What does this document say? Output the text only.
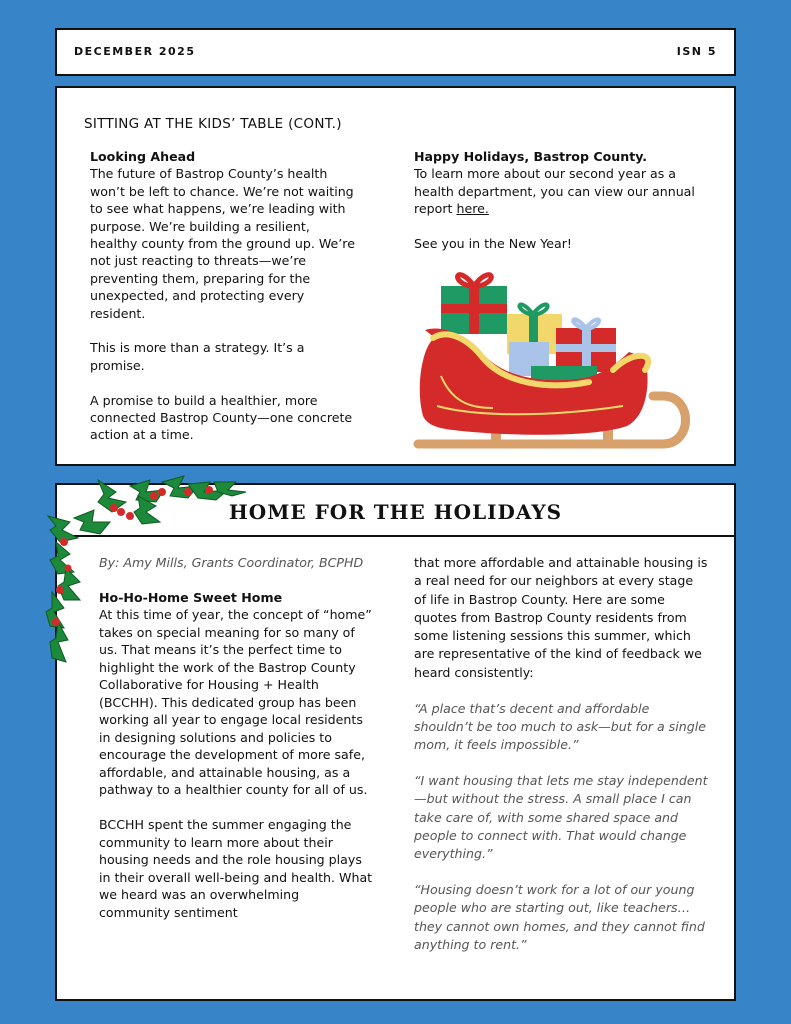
DECEMBER 2025	ISN 5
SITTING AT THE KIDS’ TABLE (CONT.)
Looking Ahead

The future of Bastrop County’s health won’t be left to chance. We’re not waiting to see what happens, we’re leading with purpose. We’re building a resilient, healthy county from the ground up. We’re not just reacting to threats—we’re preventing them, preparing for the unexpected, and protecting every resident.

This is more than a strategy. It’s a promise.

A promise to build a healthier, more connected Bastrop County—one concrete action at a time.

Happy Holidays, Bastrop County.

To learn more about our second year as a health department, you can view our annual report here.

See you in the New Year!

HOME FOR THE HOLIDAYS

By: Amy Mills, Grants Coordinator, BCPHD

Ho-Ho-Home Sweet Home

At this time of year, the concept of “home” takes on special meaning for so many of us. That means it’s the perfect time to highlight the work of the Bastrop County Collaborative for Housing + Health (BCCHH). This dedicated group has been working all year to engage local residents in designing solutions and policies to encourage the development of more safe, affordable, and attainable housing, as a pathway to a healthier county for all of us.

BCCHH spent the summer engaging the community to learn more about their housing needs and the role housing plays in their overall well-being and health. What we heard was an overwhelming community sentiment

that more affordable and attainable housing is a real need for our neighbors at every stage of life in Bastrop County. Here are some quotes from Bastrop County residents from some listening sessions this summer, which are representative of the kind of feedback we heard consistently:

“A place that’s decent and affordable shouldn’t be too much to ask—but for a single mom, it feels impossible.”

“I want housing that lets me stay independent—but without the stress. A small place I can take care of, with some shared space and people to connect with. That would change everything.”

“Housing doesn’t work for a lot of our young people who are starting out, like teachers… they cannot own homes, and they cannot find anything to rent.”
